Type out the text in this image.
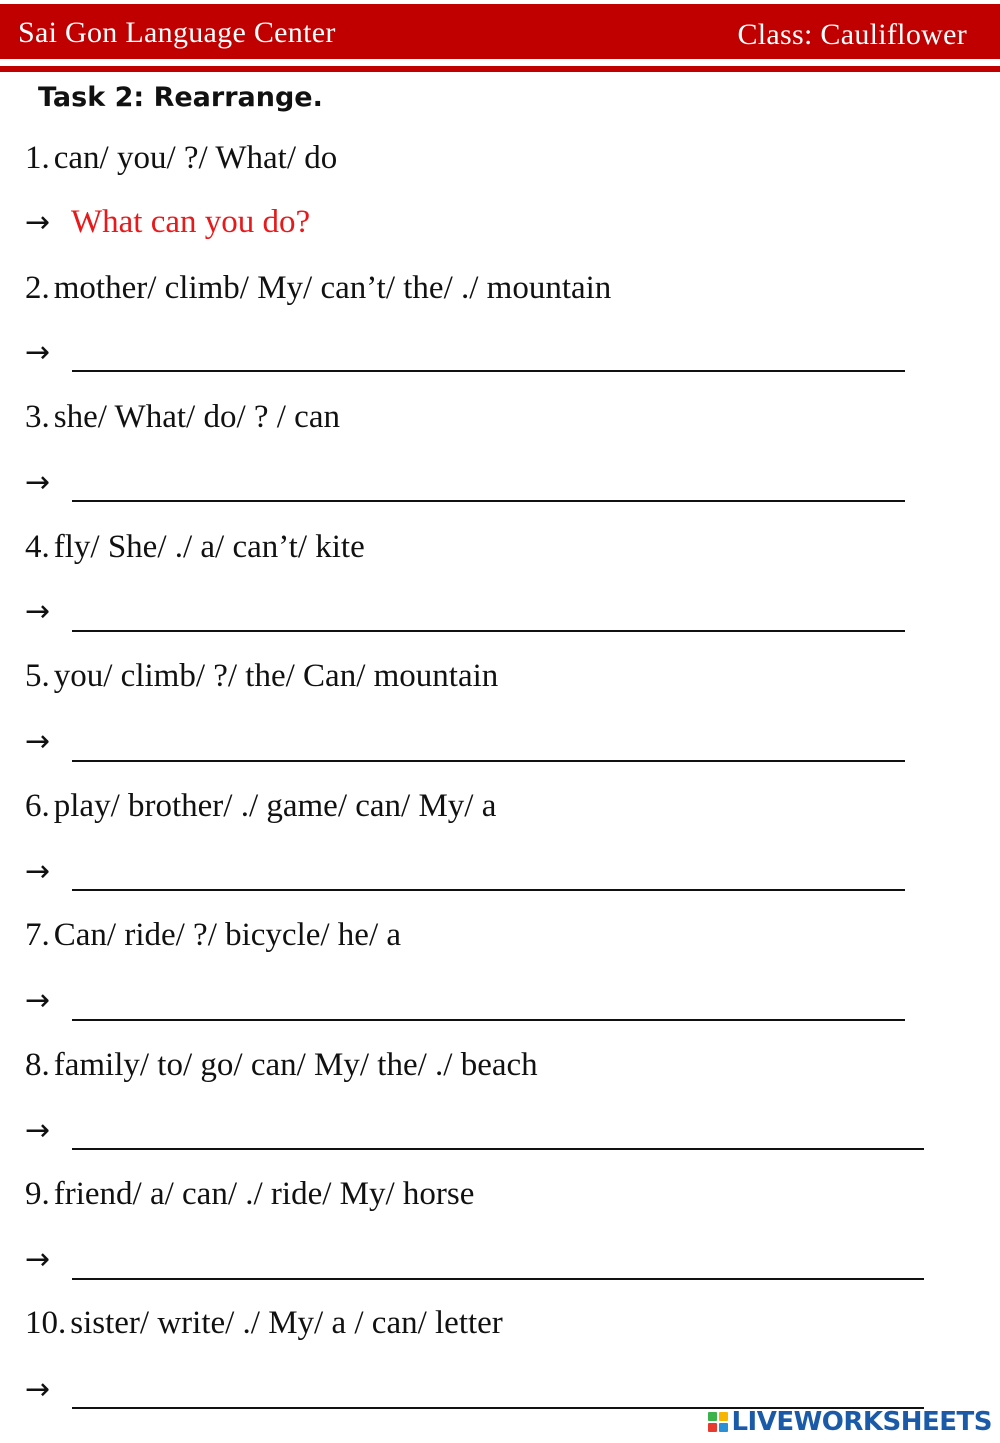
Sai Gon Language Center	Class: Cauliflower
Task 2: Rearrange.
1. can/ you/ ?/ What/ do
→ What can you do?
2. mother/ climb/ My/ can’t/ the/ ./ mountain
→
3. she/ What/ do/ ? / can
→
4. fly/ She/ ./ a/ can’t/ kite
→
5. you/ climb/ ?/ the/ Can/ mountain
→
6. play/ brother/ ./ game/ can/ My/ a
→
7. Can/ ride/ ?/ bicycle/ he/ a
→
8. family/ to/ go/ can/ My/ the/ ./ beach
→
9. friend/ a/ can/ ./ ride/ My/ horse
→
10. sister/ write/ ./ My/ a / can/ letter
→
LIVEWORKSHEETS
